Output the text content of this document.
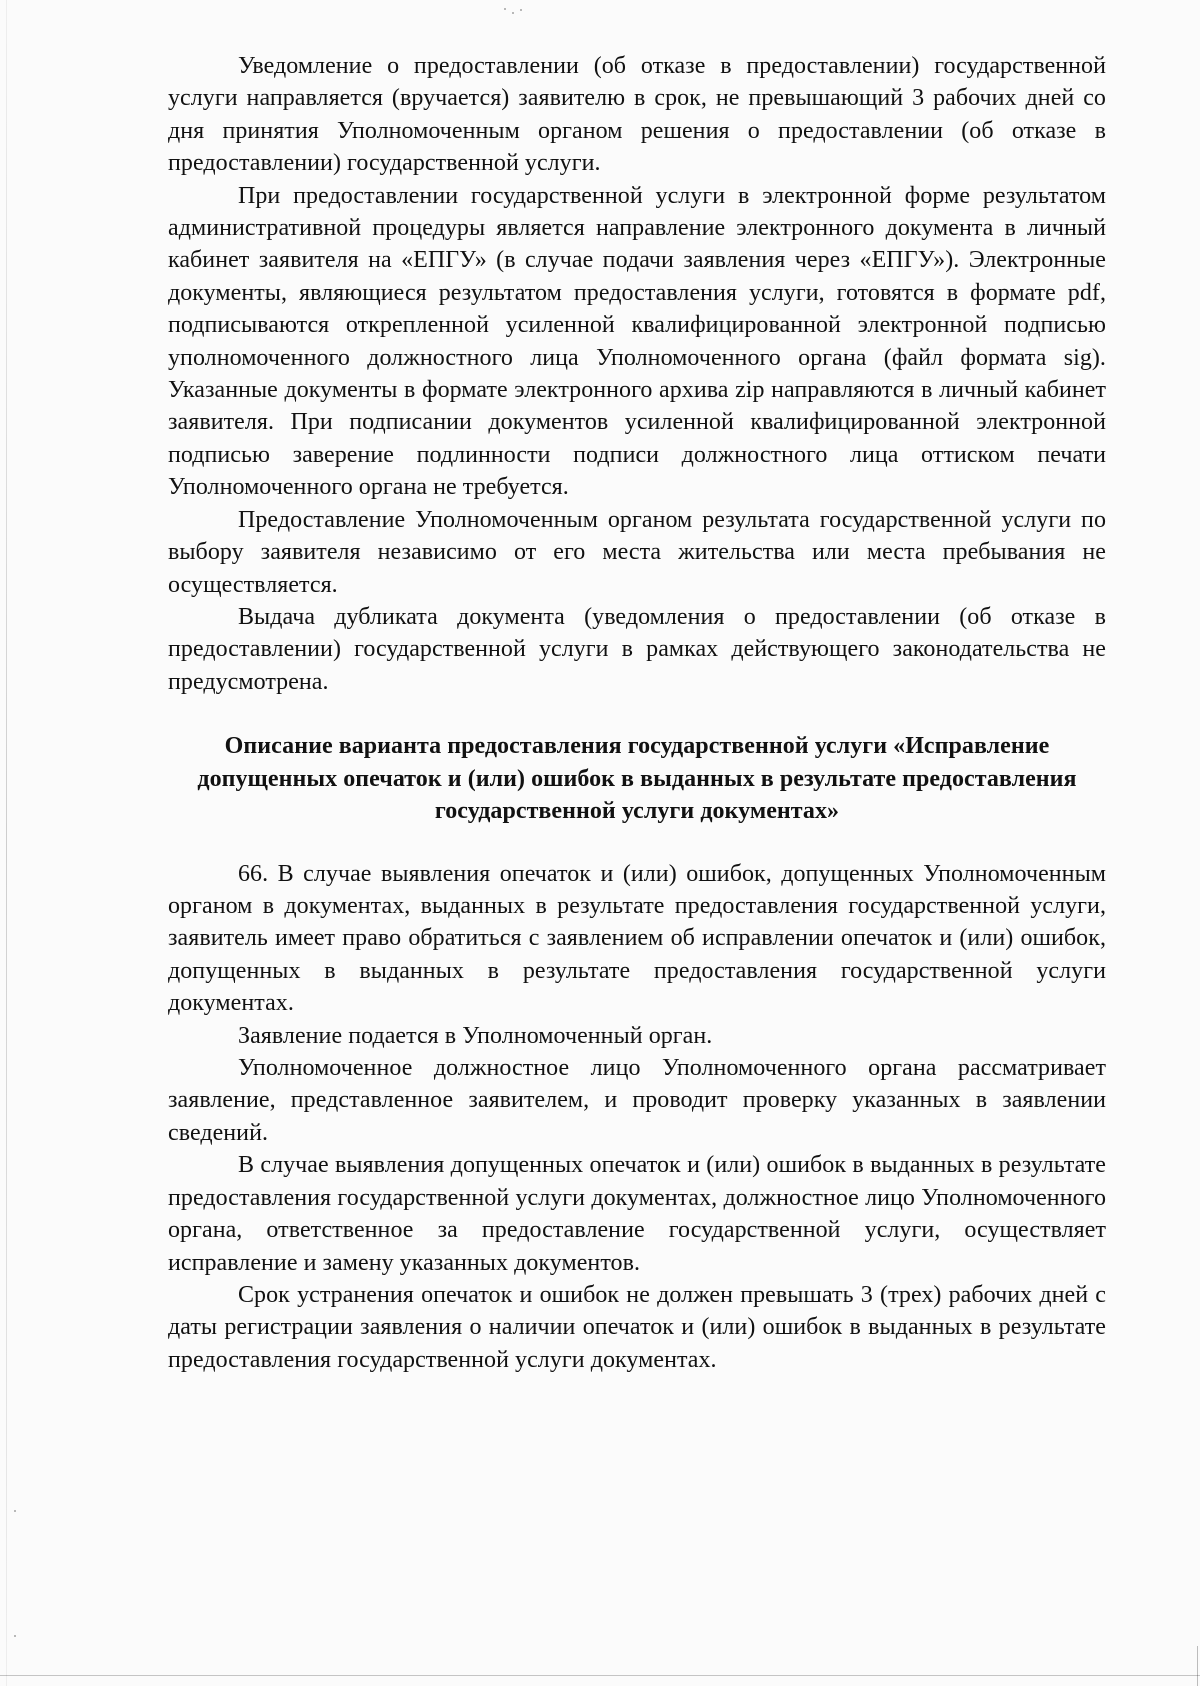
Уведомление о предоставлении (об отказе в предоставлении) государственной услуги направляется (вручается) заявителю в срок, не превышающий 3 рабочих дней со дня принятия Уполномоченным органом решения о предоставлении (об отказе в предоставлении) государственной услуги.

При предоставлении государственной услуги в электронной форме результатом административной процедуры является направление электронного документа в личный кабинет заявителя на «ЕПГУ» (в случае подачи заявления через «ЕПГУ»). Электронные документы, являющиеся результатом предоставления услуги, готовятся в формате pdf, подписываются открепленной усиленной квалифицированной электронной подписью уполномоченного должностного лица Уполномоченного органа (файл формата sig). Указанные документы в формате электронного архива zip направляются в личный кабинет заявителя. При подписании документов усиленной квалифицированной электронной подписью заверение подлинности подписи должностного лица оттиском печати Уполномоченного органа не требуется.

Предоставление Уполномоченным органом результата государственной услуги по выбору заявителя независимо от его места жительства или места пребывания не осуществляется.

Выдача дубликата документа (уведомления о предоставлении (об отказе в предоставлении) государственной услуги в рамках действующего законодательства не предусмотрена.

Описание варианта предоставления государственной услуги «Исправление допущенных опечаток и (или) ошибок в выданных в результате предоставления государственной услуги документах»

66. В случае выявления опечаток и (или) ошибок, допущенных Уполномоченным органом в документах, выданных в результате предоставления государственной услуги, заявитель имеет право обратиться с заявлением об исправлении опечаток и (или) ошибок, допущенных в выданных в результате предоставления государственной услуги документах.

Заявление подается в Уполномоченный орган.

Уполномоченное должностное лицо Уполномоченного органа рассматривает заявление, представленное заявителем, и проводит проверку указанных в заявлении сведений.

В случае выявления допущенных опечаток и (или) ошибок в выданных в результате предоставления государственной услуги документах, должностное лицо Уполномоченного органа, ответственное за предоставление государственной услуги, осуществляет исправление и замену указанных документов.

Срок устранения опечаток и ошибок не должен превышать 3 (трех) рабочих дней с даты регистрации заявления о наличии опечаток и (или) ошибок в выданных в результате предоставления государственной услуги документах.
